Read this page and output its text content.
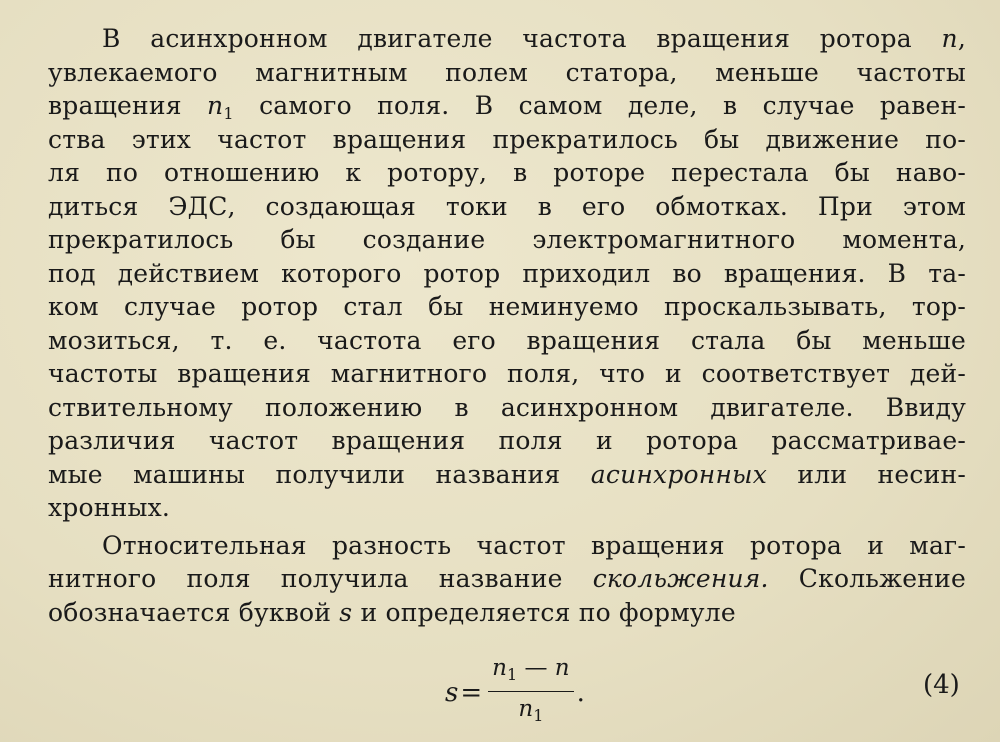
В асинхронном двигателе частота вращения ротора n,
увлекаемого магнитным полем статора, меньше частоты
вращения $n_1$ самого поля. В самом деле, в случае равен-
ства этих частот вращения прекратилось бы движение по-
ля по отношению к ротору, в роторе перестала бы наво-
диться ЭДС, создающая токи в его обмотках. При этом
прекратилось бы создание электромагнитного момента,
под действием которого ротор приходил во вращения. В та-
ком случае ротор стал бы неминуемо проскальзывать, тор-
мозиться, т. е. частота его вращения стала бы меньше
частоты вращения магнитного поля, что и соответствует дей-
ствительному положению в асинхронном двигателе. Ввиду
различия частот вращения поля и ротора рассматривае-
мые машины получили названия асинхронных или несин-
хронных.
Относительная разность частот вращения ротора и маг-
нитного поля получила название скольжения. Скольжение
обозначается буквой s и определяется по формуле
$s = \frac{n_1 — n}{n_1}$ .	(4)
